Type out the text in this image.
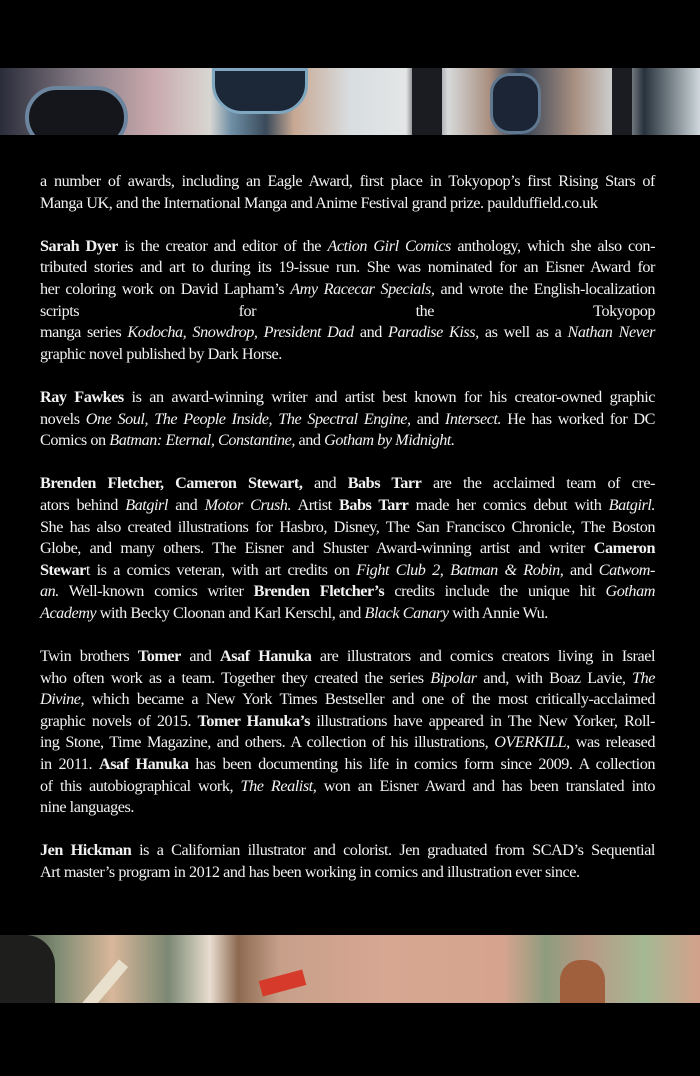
a number of awards, including an Eagle Award, first place in Tokyopop’s first Rising Stars of
Manga UK, and the International Manga and Anime Festival grand prize. paulduffield.co.uk
Sarah Dyer is the creator and editor of the Action Girl Comics anthology, which she also con-
tributed stories and art to during its 19-issue run. She was nominated for an Eisner Award for
her coloring work on David Lapham’s Amy Racecar Specials, and wrote the English-localization
scripts for the Tokyopop
manga series Kodocha, Snowdrop, President Dad and Paradise Kiss, as well as a Nathan Never
graphic novel published by Dark Horse.
Ray Fawkes is an award-winning writer and artist best known for his creator-owned graphic
novels One Soul, The People Inside, The Spectral Engine, and Intersect. He has worked for DC
Comics on Batman: Eternal, Constantine, and Gotham by Midnight.
Brenden Fletcher, Cameron Stewart, and Babs Tarr are the acclaimed team of cre-
ators behind Batgirl and Motor Crush. Artist Babs Tarr made her comics debut with Batgirl.
She has also created illustrations for Hasbro, Disney, The San Francisco Chronicle, The Boston
Globe, and many others. The Eisner and Shuster Award-winning artist and writer Cameron
Stewart is a comics veteran, with art credits on Fight Club 2, Batman & Robin, and Catwom-
an. Well-known comics writer Brenden Fletcher’s credits include the unique hit Gotham
Academy with Becky Cloonan and Karl Kerschl, and Black Canary with Annie Wu.
Twin brothers Tomer and Asaf Hanuka are illustrators and comics creators living in Israel
who often work as a team. Together they created the series Bipolar and, with Boaz Lavie, The
Divine, which became a New York Times Bestseller and one of the most critically-acclaimed
graphic novels of 2015. Tomer Hanuka’s illustrations have appeared in The New Yorker, Roll-
ing Stone, Time Magazine, and others. A collection of his illustrations, OVERKILL, was released
in 2011. Asaf Hanuka has been documenting his life in comics form since 2009. A collection
of this autobiographical work, The Realist, won an Eisner Award and has been translated into
nine languages.
Jen Hickman is a Californian illustrator and colorist. Jen graduated from SCAD’s Sequential
Art master’s program in 2012 and has been working in comics and illustration ever since.
